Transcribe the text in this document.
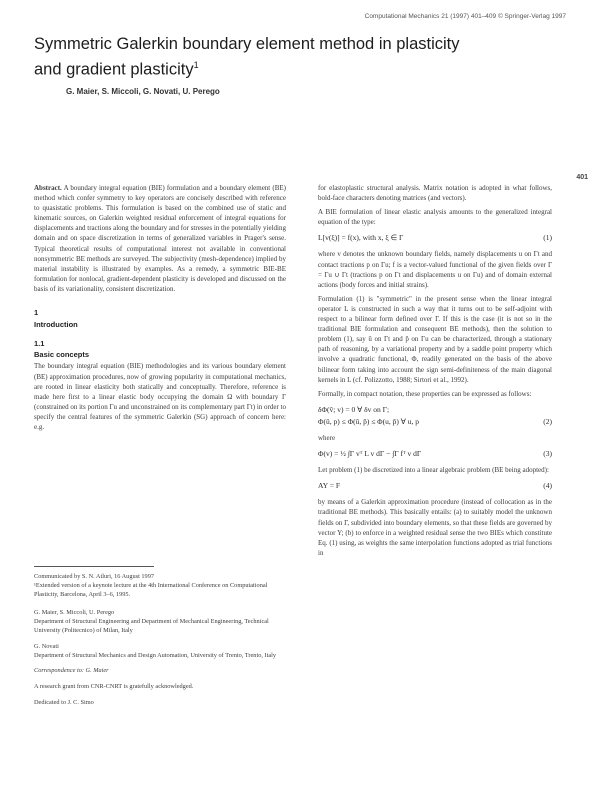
Computational Mechanics 21 (1997) 401–409 © Springer-Verlag 1997
Symmetric Galerkin boundary element method in plasticity and gradient plasticity$^1$
G. Maier, S. Miccoli, G. Novati, U. Perego
401

Abstract. A boundary integral equation (BIE) formulation and a boundary element (BE) method which confer symmetry to key operators are concisely described with reference to quasistatic problems. This formulation is based on the combined use of static and kinematic sources, on Galerkin weighted residual enforcement of integral equations for displacements and tractions along the boundary and for stresses in the potentially yielding domain and on space discretization in terms of generalized variables in Prager's sense. Typical theoretical results of computational interest not available in conventional nonsymmetric BE methods are surveyed. The subjectivity (mesh-dependence) implied by material instability is illustrated by examples. As a remedy, a symmetric BIE-BE formulation for nonlocal, gradient-dependent plasticity is developed and discussed on the basis of its variationality, consistent discretization.

1
Introduction
1.1
Basic concepts

The boundary integral equation (BIE) methodologies and its various boundary element (BE) approximation procedures, now of growing popularity in computational mechanics, are rooted in linear elasticity both statically and conceptually. Therefore, reference is made here first to a linear elastic body occupying the domain Ω with boundary Γ (constrained on its portion Γu and unconstrained on its complementary part Γt) in order to specify the central features of the symmetric Galerkin (SG) approach of concern here: e.g.

Communicated by S. N. Atluri, 16 August 1997
¹Extended version of a keynote lecture at the 4th International Conference on Computational Plasticity, Barcelona, April 3–6, 1995.

G. Maier, S. Miccoli, U. Perego
Department of Structural Engineering and Department of Mechanical Engineering, Technical University (Politecnico) of Milan, Italy

G. Novati
Department of Structural Mechanics and Design Automation, University of Trento, Trento, Italy

Correspondence to: G. Maier

A research grant from CNR-CNRT is gratefully acknowledged.

Dedicated to J. C. Simo

for elastoplastic structural analysis. Matrix notation is adopted in what follows, bold-face characters denoting matrices (and vectors).

A BIE formulation of linear elastic analysis amounts to the generalized integral equation of the type:

L[v(ξ)] = f(x), with x, ξ ∈ Γ	(1)

where v denotes the unknown boundary fields, namely displacements u on Γt and contact tractions p on Γu; f is a vector-valued functional of the given fields over Γ = Γu ∪ Γt (tractions p on Γt and displacements u on Γu) and of domain external actions (body forces and initial strains).

Formulation (1) is "symmetric" in the present sense when the linear integral operator L is constructed in such a way that it turns out to be self-adjoint with respect to a bilinear form defined over Γ. If this is the case (it is not so in the traditional BIE formulation and consequent BE methods), then the solution to problem (1), say û on Γt and p̂ on Γu can be characterized, through a stationary path of reasoning, by a variational property and by a saddle point property which involve a quadratic functional, Φ, readily generated on the basis of the above bilinear form taking into account the sign semi-definiteness of the main diagonal kernels in L (cf. Polizzotto, 1988; Sirtori et al., 1992).

Formally, in compact notation, these properties can be expressed as follows:

δΦ(v̂; v) = 0 ∀ δv on Γ;
Φ(û, p) ≤ Φ(û, p̂) ≤ Φ(u, p̂) ∀ u, p	(2)

where

Φ(v) = ½ ∫Γ vᵀ L v dΓ − ∫Γ fᵀ v dΓ	(3)

Let problem (1) be discretized into a linear algebraic problem (BE being adopted):

AY = F	(4)

by means of a Galerkin approximation procedure (instead of collocation as in the traditional BE methods). This basically entails: (a) to suitably model the unknown fields on Γ, subdivided into boundary elements, so that these fields are governed by vector Y; (b) to enforce in a weighted residual sense the two BIEs which constitute Eq. (1) using, as weights the same interpolation functions adopted as trial functions in
